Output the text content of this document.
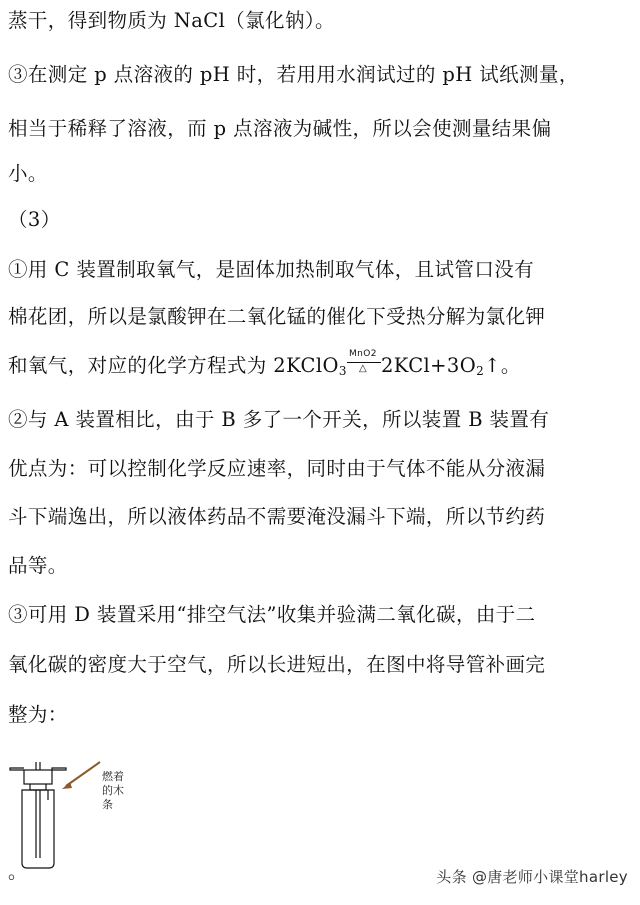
蒸干，得到物质为 NaCl（氯化钠）。
③在测定 p 点溶液的 pH 时，若用用水润试过的 pH 试纸测量，
相当于稀释了溶液，而 p 点溶液为碱性，所以会使测量结果偏
小。
（3）
①用 C 装置制取氧气，是固体加热制取气体，且试管口没有
棉花团，所以是氯酸钾在二氧化锰的催化下受热分解为氯化钾
和氧气，对应的化学方程式为 2KClO$_3$ $\frac{\text{MnO2}}{\triangle}$ $2KCl+3O_2↑$。
②与 A 装置相比，由于 B 多了一个开关，所以装置 B 装置有
优点为：可以控制化学反应速率，同时由于气体不能从分液漏
斗下端逸出，所以液体药品不需要淹没漏斗下端，所以节约药
品等。
③可用 D 装置采用“排空气法”收集并验满二氧化碳，由于二
氧化碳的密度大于空气，所以长进短出，在图中将导管补画完
整为：
燃着
的木
条
。	头条 @唐老师小课堂harley
